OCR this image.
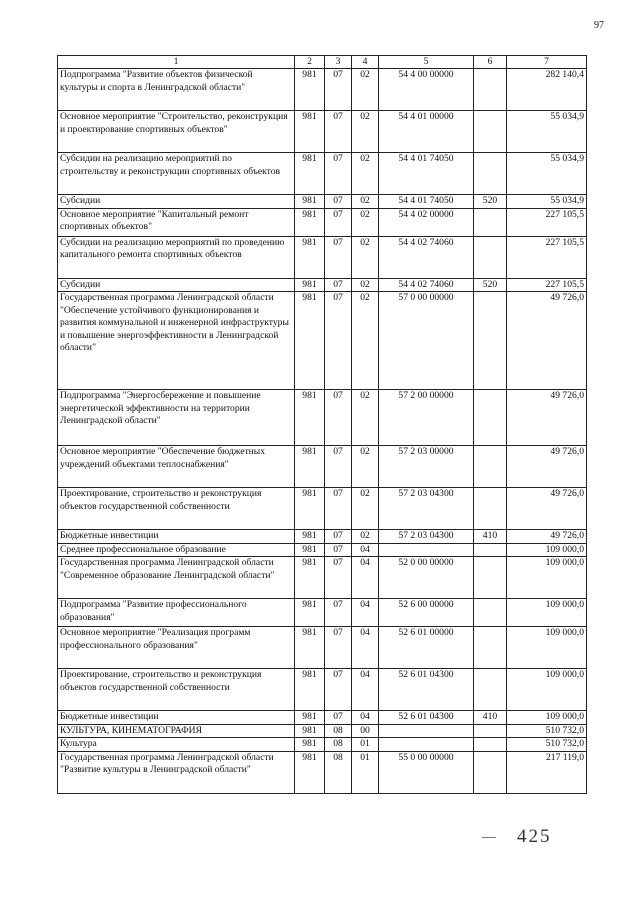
97
1	2	3	4	5	6	7
Подпрограмма "Развитие объектов физической культуры и спорта в Ленинградской области"	981	07	02	54 4 00 00000		282 140,4
Основное мероприятие "Строительство, реконструкция и проектирование спортивных объектов"	981	07	02	54 4 01 00000		55 034,9
Субсидии на реализацию мероприятий по строительству и реконструкции спортивных объектов	981	07	02	54 4 01 74050		55 034,9
Субсидии	981	07	02	54 4 01 74050	520	55 034,9
Основное мероприятие "Капитальный ремонт спортивных объектов"	981	07	02	54 4 02 00000		227 105,5
Субсидии на реализацию мероприятий по проведению капитального ремонта спортивных объектов	981	07	02	54 4 02 74060		227 105,5
Субсидии	981	07	02	54 4 02 74060	520	227 105,5
Государственная программа Ленинградской области "Обеспечение устойчивого функционирования и развития коммунальной и инженерной инфраструктуры и повышение энергоэффективности в Ленинградской области"	981	07	02	57 0 00 00000		49 726,0
Подпрограмма "Энергосбережение и повышение энергетической эффективности на территории Ленинградской области"	981	07	02	57 2 00 00000		49 726,0
Основное мероприятие "Обеспечение бюджетных учреждений объектами теплоснабжения"	981	07	02	57 2 03 00000		49 726,0
Проектирование, строительство и реконструкция объектов государственной собственности	981	07	02	57 2 03 04300		49 726,0
Бюджетные инвестиции	981	07	02	57 2 03 04300	410	49 726,0
Среднее профессиональное образование	981	07	04			109 000,0
Государственная программа Ленинградской области "Современное образование Ленинградской области"	981	07	04	52 0 00 00000		109 000,0
Подпрограмма "Развитие профессионального образования"	981	07	04	52 6 00 00000		109 000,0
Основное мероприятие "Реализация программ профессионального образования"	981	07	04	52 6 01 00000		109 000,0
Проектирование, строительство и реконструкция объектов государственной собственности	981	07	04	52 6 01 04300		109 000,0
Бюджетные инвестиции	981	07	04	52 6 01 04300	410	109 000,0
КУЛЬТУРА, КИНЕМАТОГРАФИЯ	981	08	00			510 732,0
Культура	981	08	01			510 732,0
Государственная программа Ленинградской области "Развитие культуры в Ленинградской области"	981	08	01	55 0 00 00000		217 119,0
425
